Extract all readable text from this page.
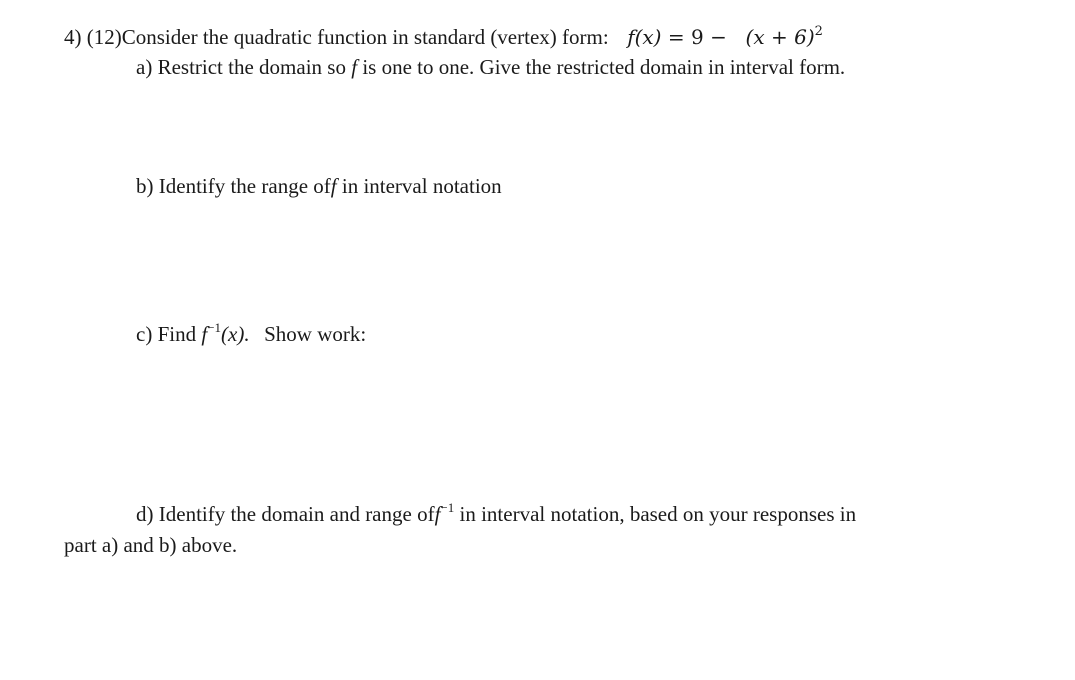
4) (12)Consider the quadratic function in standard (vertex) form: $f(x) = 9 - (x + 6)^2$
a) Restrict the domain so f is one to one. Give the restricted domain in interval form.
b) Identify the range off in interval notation
c) Find $f^{-1}(x)$. Show work:
d) Identify the domain and range off$^{-1}$ in interval notation, based on your responses in
part a) and b) above.
